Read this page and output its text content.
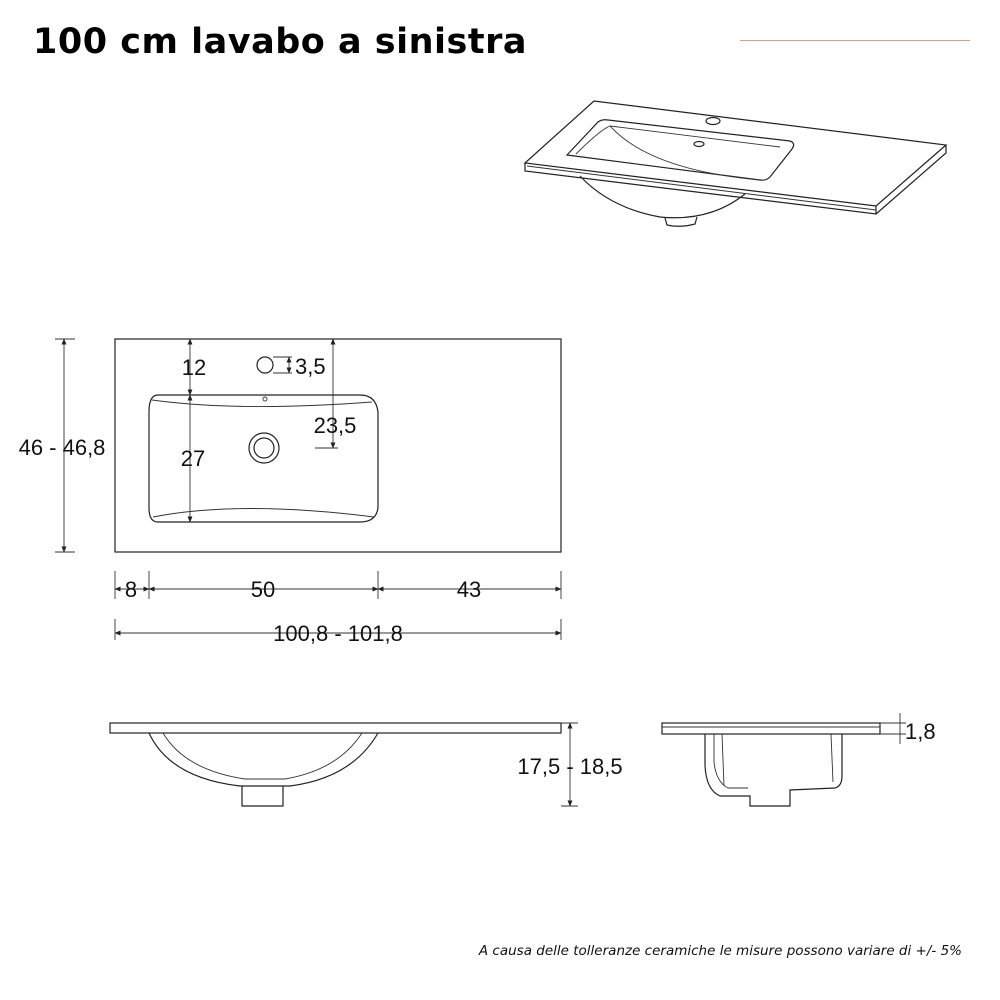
100 cm lavabo a sinistra
46 - 46,8
12	3,5
27
23,5
8	50	43
100,8 - 101,8
17,5 - 18,5
1,8
A causa delle tolleranze ceramiche le misure possono variare di +/- 5%
